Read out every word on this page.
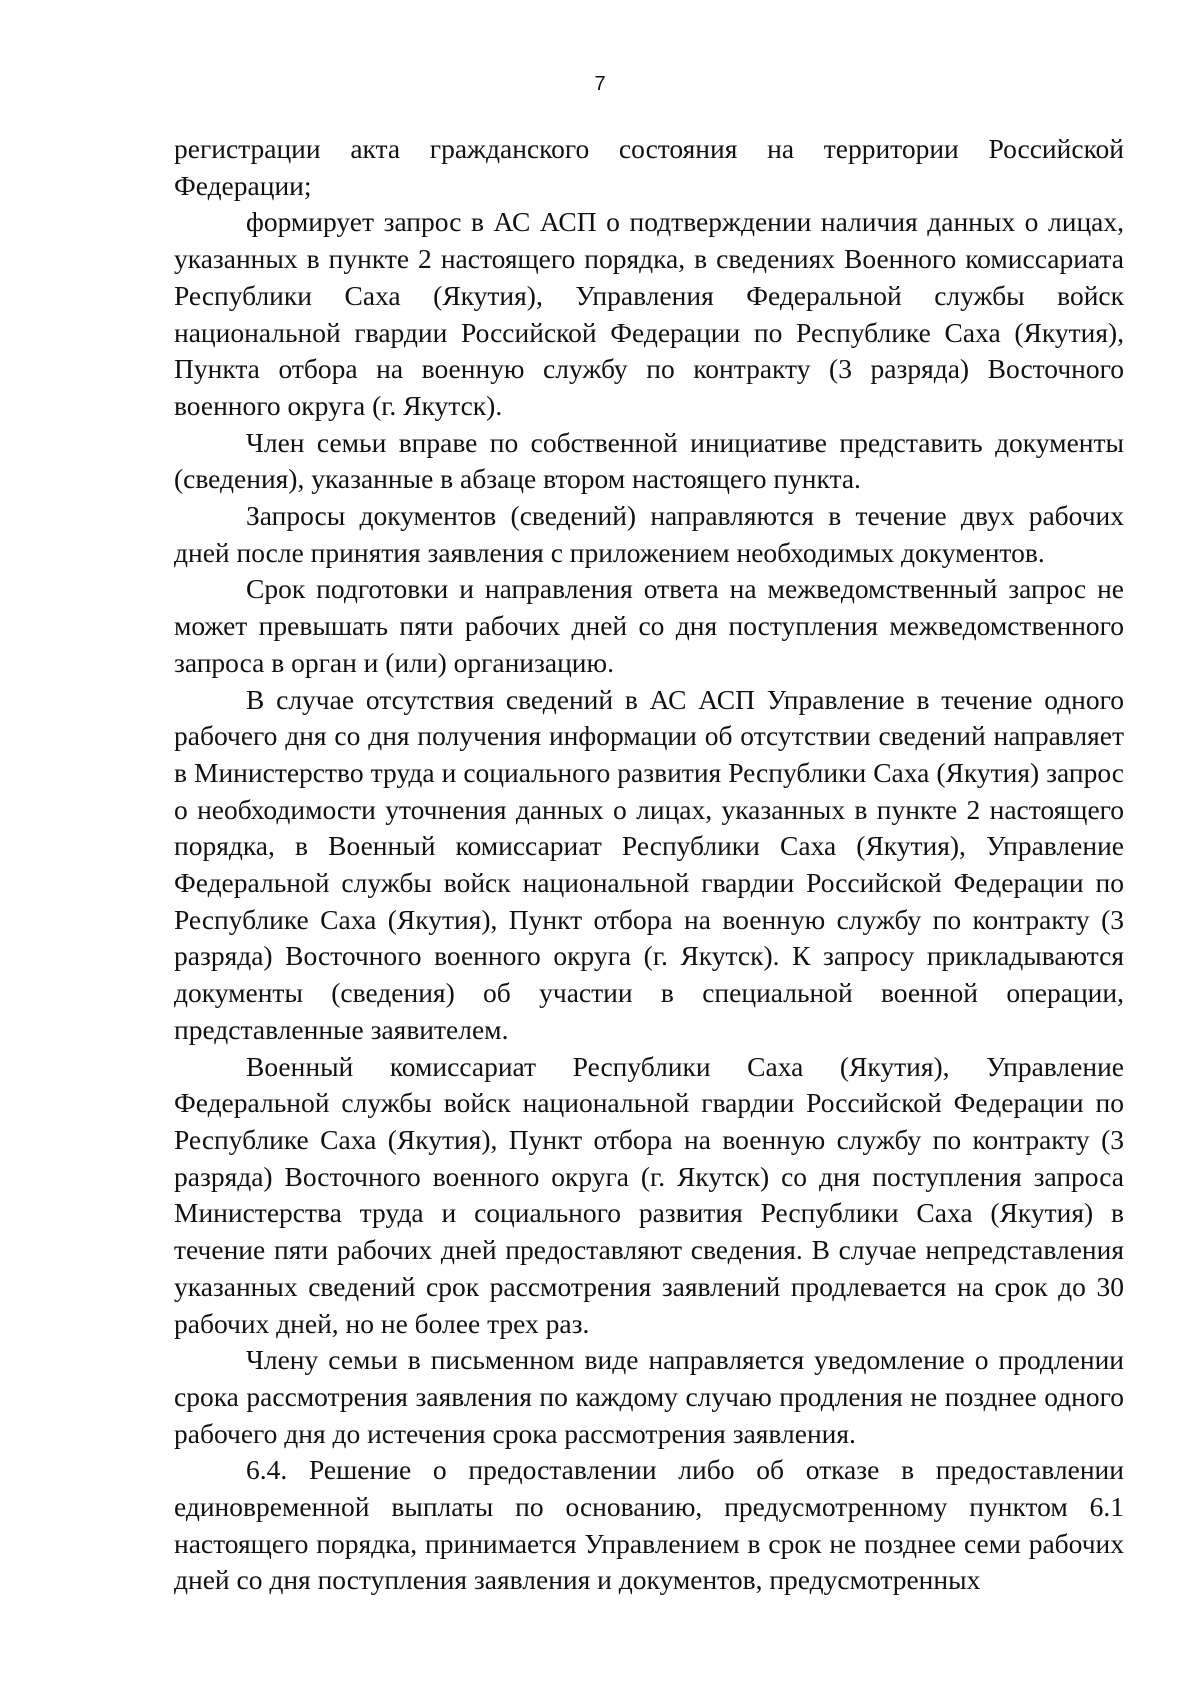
7

регистрации акта гражданского состояния на территории Российской Федерации;

формирует запрос в АС АСП о подтверждении наличия данных о лицах, указанных в пункте 2 настоящего порядка, в сведениях Военного комиссариата Республики Саха (Якутия), Управления Федеральной службы войск национальной гвардии Российской Федерации по Республике Саха (Якутия), Пункта отбора на военную службу по контракту (3 разряда) Восточного военного округа (г. Якутск).

Член семьи вправе по собственной инициативе представить документы (сведения), указанные в абзаце втором настоящего пункта.

Запросы документов (сведений) направляются в течение двух рабочих дней после принятия заявления с приложением необходимых документов.

Срок подготовки и направления ответа на межведомственный запрос не может превышать пяти рабочих дней со дня поступления межведомственного запроса в орган и (или) организацию.

В случае отсутствия сведений в АС АСП Управление в течение одного рабочего дня со дня получения информации об отсутствии сведений направляет в Министерство труда и социального развития Республики Саха (Якутия) запрос о необходимости уточнения данных о лицах, указанных в пункте 2 настоящего порядка, в Военный комиссариат Республики Саха (Якутия), Управление Федеральной службы войск национальной гвардии Российской Федерации по Республике Саха (Якутия), Пункт отбора на военную службу по контракту (3 разряда) Восточного военного округа (г. Якутск). К запросу прикладываются документы (сведения) об участии в специальной военной операции, представленные заявителем.

Военный комиссариат Республики Саха (Якутия), Управление Федеральной службы войск национальной гвардии Российской Федерации по Республике Саха (Якутия), Пункт отбора на военную службу по контракту (3 разряда) Восточного военного округа (г. Якутск) со дня поступления запроса Министерства труда и социального развития Республики Саха (Якутия) в течение пяти рабочих дней предоставляют сведения. В случае непредставления указанных сведений срок рассмотрения заявлений продлевается на срок до 30 рабочих дней, но не более трех раз.

Члену семьи в письменном виде направляется уведомление о продлении срока рассмотрения заявления по каждому случаю продления не позднее одного рабочего дня до истечения срока рассмотрения заявления.

6.4. Решение о предоставлении либо об отказе в предоставлении единовременной выплаты по основанию, предусмотренному пунктом 6.1 настоящего порядка, принимается Управлением в срок не позднее семи рабочих дней со дня поступления заявления и документов, предусмотренных
